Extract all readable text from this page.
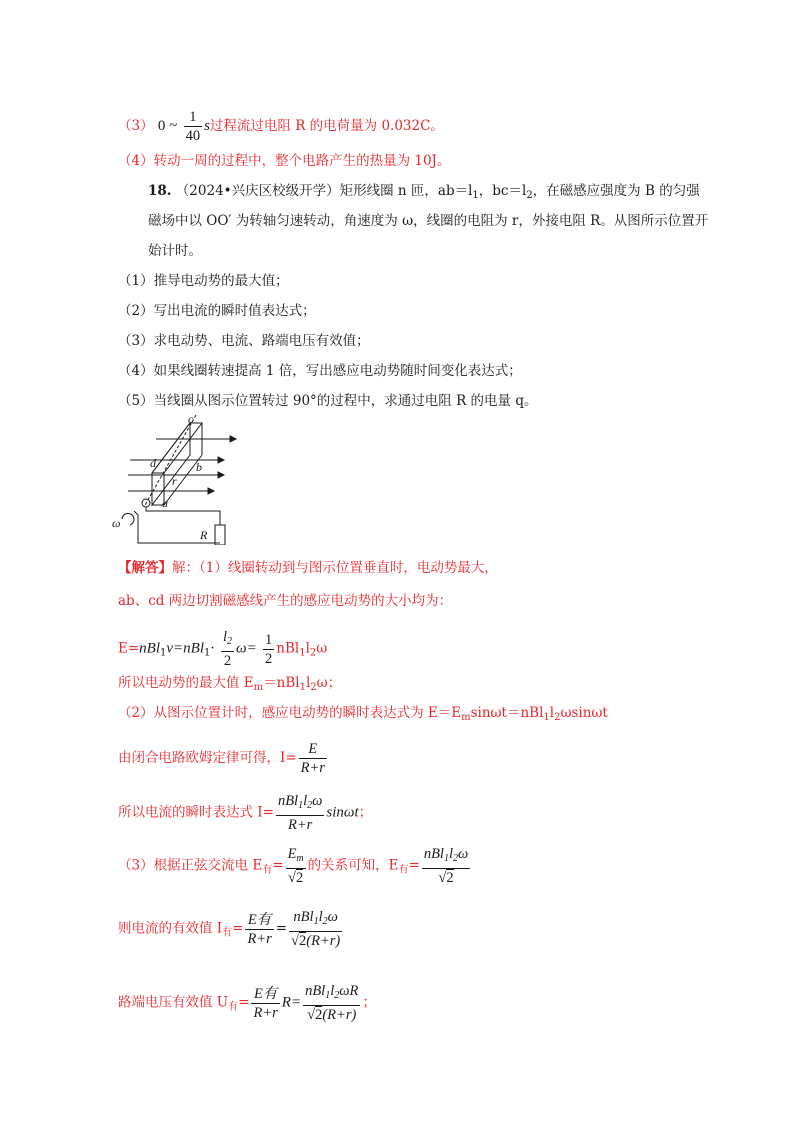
（3） 0 ~ $\frac{1}{40}$ s过程流过电阻 R 的电荷量为 0.032C。
（4）转动一周的过程中，整个电路产生的热量为 10J。
18. （2024•兴庆区校级开学）矩形线圈 n 匝，$ab=l_1$，$bc=l_2$，在磁感应强度为 B 的匀强
磁场中以 OO′ 为转轴匀速转动，角速度为 ω，线圈的电阻为 r，外接电阻 R。从图所示位置开
始计时。
（1）推导电动势的最大值；
（2）写出电流的瞬时值表达式；
（3）求电动势、电流、路端电压有效值；
（4）如果线圈转速提高 1 倍，写出感应电动势随时间变化表达式；
（5）当线圈从图示位置转过 90°的过程中，求通过电阻 R 的电量 q。
c
d	b
r
a
ω
R
【解答】解：（1）线圈转动到与图示位置垂直时，电动势最大，
ab、cd 两边切割磁感线产生的感应电动势的大小均为：
$E=nBl_1v=nBl_1\cdot \frac{l_2}{2} \omega= \frac{1}{2} nBl_1l_2\omega$
所以电动势的最大值 $E_m=nBl_1l_2\omega$；
（2）从图示位置计时，感应电动势的瞬时表达式为 $E=E_m\sin\omega t=nBl_1l_2\omega\sin\omega t$
由闭合电路欧姆定律可得，$I= \frac{E}{R+r}$
所以电流的瞬时表达式 $I= \frac{nBl_1l_2\omega}{R+r}$ sinωt；
（3）根据正弦交流电 $E_有= \frac{E_m}{√2}$ 的关系可知，$E_有= \frac{nBl_1l_2\omega}{√2}$
则电流的有效值 $I_有= \frac{\text{E有}}{R+r} = \frac{nBl_1l_2\omega}{√2(R+r)}$
路端电压有效值 $U_有= \frac{\text{E有}}{R+r} R= \frac{nBl_1l_2\omega R}{√2(R+r)}$ ；
